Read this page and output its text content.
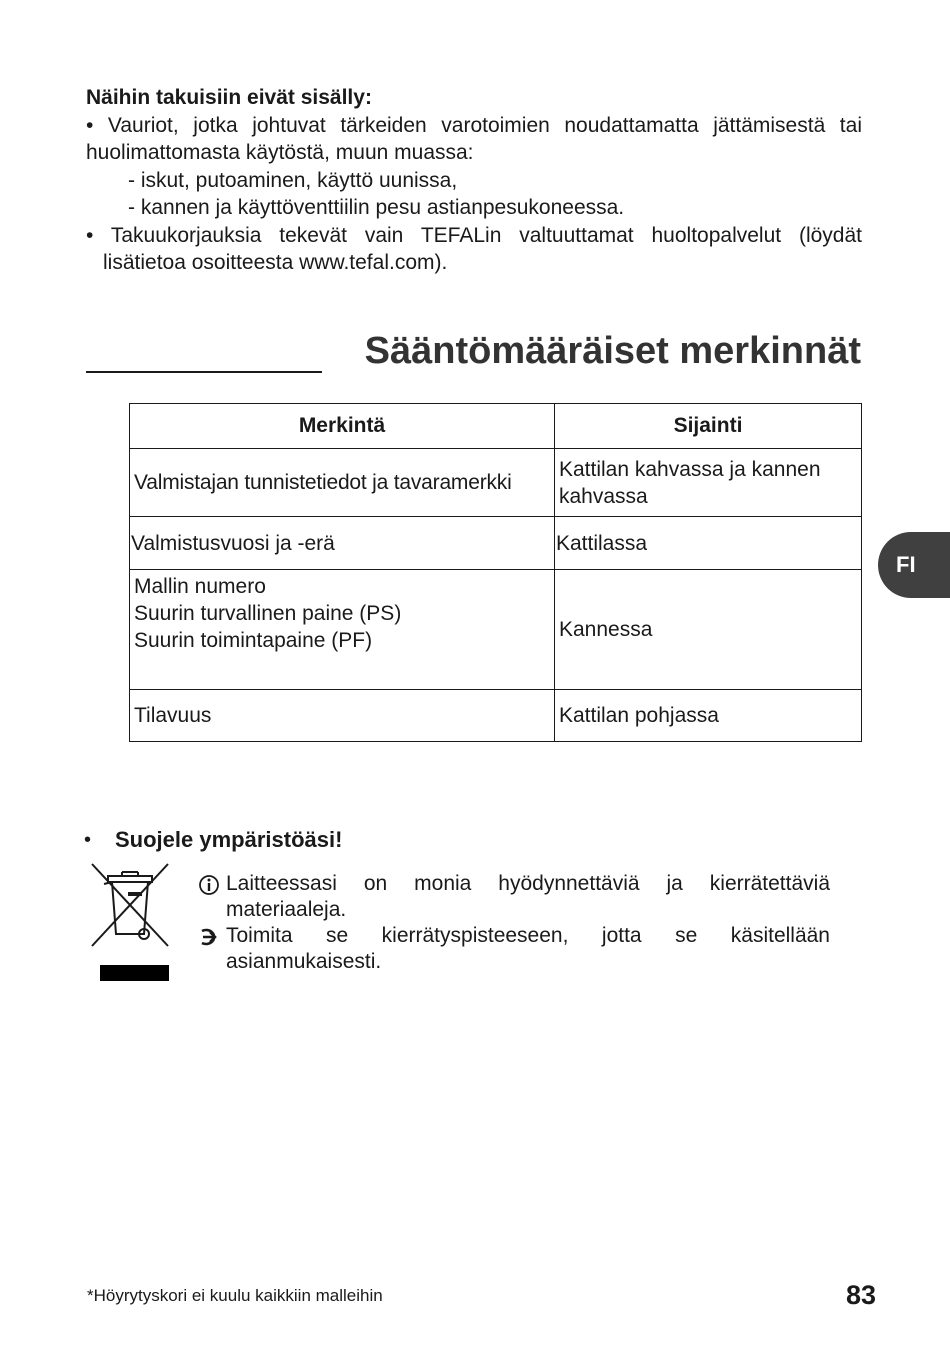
Näihin takuisiin eivät sisälly:

• Vauriot, jotka johtuvat tärkeiden varotoimien noudattamatta jättämisestä tai huolimattomasta käytöstä, muun muassa:

- iskut, putoaminen, käyttö uunissa,

- kannen ja käyttöventtiilin pesu astianpesukoneessa.

• Takuukorjauksia tekevät vain TEFALin valtuuttamat huoltopalvelut (löydät lisätietoa osoitteesta www.tefal.com).

Sääntömääräiset merkinnät
Merkintä	Sijainti
Valmistajan tunnistetiedot ja tavaramerkki	Kattilan kahvassa ja kannen kahvassa
Valmistusvuosi ja -erä	Kattilassa

Mallin numero
Suurin turvallinen paine (PS)
Suurin toimintapaine (PF)	Kannessa
Tilavuus	Kattilan pohjassa
FI
• Suojele ympäristöäsi!
Laitteessasi on monia hyödynnettäviä ja kierrätettäviä materiaaleja.
Toimita se kierrätyspisteeseen, jotta se käsitellään asianmukaisesti.
*Höyrytyskori ei kuulu kaikkiin malleihin	83
